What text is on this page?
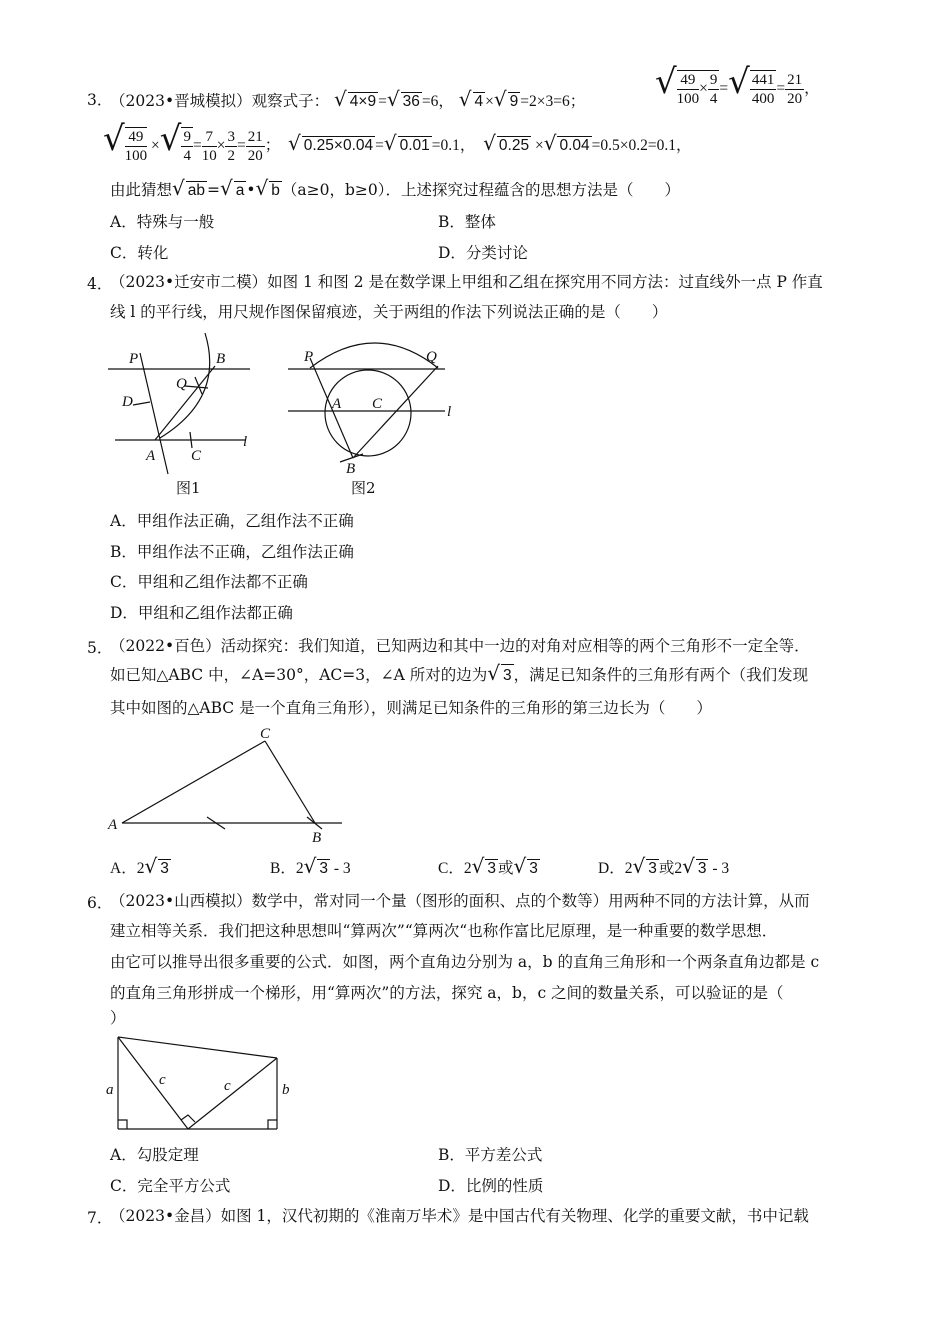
3．
（2023•晋城模拟）观察式子： √ 4×9 =√ 36 =6， √ 4 ×√ 9 =2×3=6； √ $\frac{49}{100} \times \frac{9}{4}$ =√ $\frac{441}{400} = \frac{21}{20}$ ，
√ $\frac{49}{100}$ ×√ $\frac{9}{4} = \frac{7}{10} \times \frac{3}{2} = \frac{21}{20}$ ； √ 0.25×0.04 =√ 0.01 =0.1， √ 0.25 ×√ 0.04 =0.5×0.2=0.1，
由此猜想√ ab =√ a •√ b （a≥0，b≥0）．上述探究过程蕴含的思想方法是（　　）
A．特殊与一般	B．整体
C．转化	D．分类讨论
4．
（2023•迁安市二模）如图 1 和图 2 是在数学课上甲组和乙组在探究用不同方法：过直线外一点 P 作直
线 l 的平行线，用尺规作图保留痕迹，关于两组的作法下列说法正确的是（　　）
P	B
Q
D
A C
l
图1
P	Q
A C
B
l
图2
A．甲组作法正确，乙组作法不正确
B．甲组作法不正确，乙组作法正确
C．甲组和乙组作法都不正确
D．甲组和乙组作法都正确
5．
（2022•百色）活动探究：我们知道，已知两边和其中一边的对角对应相等的两个三角形不一定全等．
如已知△ABC 中，∠A=30°，AC=3，∠A 所对的边为√ 3 ，满足已知条件的三角形有两个（我们发现
其中如图的△ABC 是一个直角三角形），则满足已知条件的三角形的第三边长为（　　）
A
B
C
A．2√ 3	B．2√ 3 - 3	C．2√ 3 或√ 3	D．2√ 3 或2√ 3 - 3
6．
（2023•山西模拟）数学中，常对同一个量（图形的面积、点的个数等）用两种不同的方法计算，从而
建立相等关系．我们把这种思想叫“算两次”“算两次“也称作富比尼原理，是一种重要的数学思想．
由它可以推导出很多重要的公式．如图，两个直角边分别为 a，b 的直角三角形和一个两条直角边都是 c
的直角三角形拼成一个梯形，用“算两次”的方法，探究 a，b，c 之间的数量关系，可以验证的是（
）
a	b
c	c
A．勾股定理	B．平方差公式
C．完全平方公式	D．比例的性质
7．
（2023•金昌）如图 1，汉代初期的《淮南万毕术》是中国古代有关物理、化学的重要文献，书中记载
